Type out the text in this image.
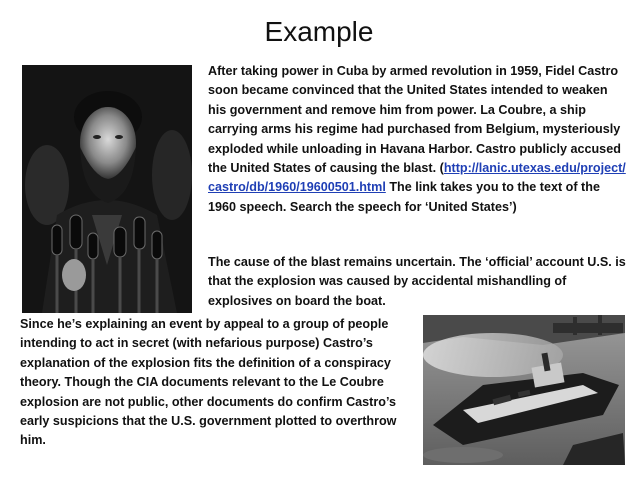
Example
After taking power in Cuba by armed revolution in 1959, Fidel Castro soon became convinced that the United States intended to weaken his government and remove him from power. La Coubre, a ship carrying arms his regime had purchased from Belgium, mysteriously exploded while unloading in Havana Harbor. Castro publicly accused the United States of causing the blast. (http://lanic.utexas.edu/project/castro/db/1960/19600501.html The link takes you to the text of the 1960 speech. Search the speech for ‘United States’)
The cause of the blast remains uncertain. The ‘official’ account U.S. is that the explosion was caused by accidental mishandling of explosives on board the boat.
Since he’s explaining an event by appeal to a group of people intending to act in secret (with nefarious purpose) Castro’s explanation of the explosion fits the definition of a conspiracy theory. Though the CIA documents relevant to the Le Coubre explosion are not public, other documents do confirm Castro’s early suspicions that the U.S. government plotted to overthrow him.
